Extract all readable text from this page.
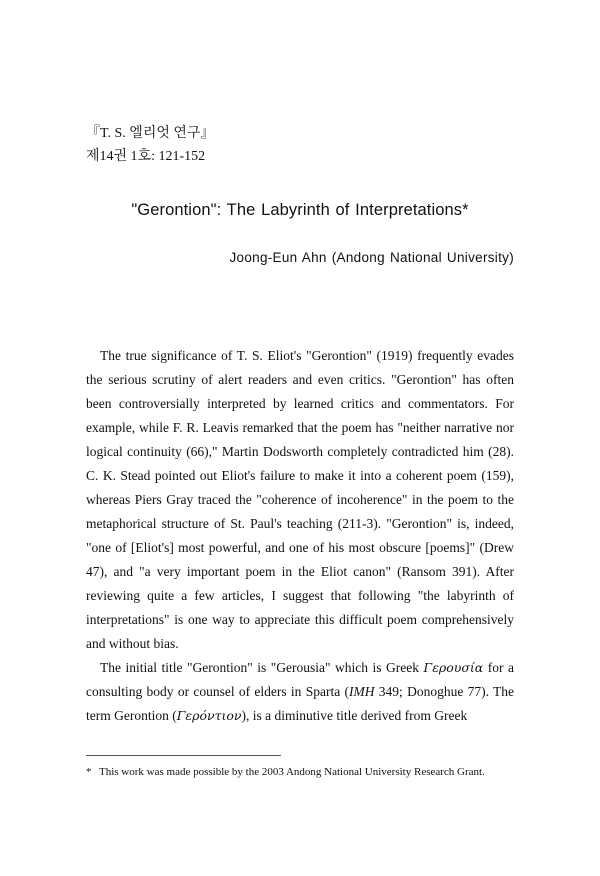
『T. S. 엘리엇 연구』
제14권 1호: 121-152
"Gerontion": The Labyrinth of Interpretations*
Joong-Eun Ahn (Andong National University)

The true significance of T. S. Eliot's "Gerontion" (1919) frequently evades the serious scrutiny of alert readers and even critics. "Gerontion" has often been controversially interpreted by learned critics and commentators. For example, while F. R. Leavis remarked that the poem has "neither narrative nor logical continuity (66)," Martin Dodsworth completely contradicted him (28). C. K. Stead pointed out Eliot's failure to make it into a coherent poem (159), whereas Piers Gray traced the "coherence of incoherence" in the poem to the metaphorical structure of St. Paul's teaching (211-3). "Gerontion" is, indeed, "one of [Eliot's] most powerful, and one of his most obscure [poems]" (Drew 47), and "a very important poem in the Eliot canon" (Ransom 391). After reviewing quite a few articles, I suggest that following "the labyrinth of interpretations" is one way to appreciate this difficult poem comprehensively and without bias.

The initial title "Gerontion" is "Gerousia" which is Greek Γερουσία for a consulting body or counsel of elders in Sparta (IMH 349; Donoghue 77). The term Gerontion (Γερόντιον), is a diminutive title derived from Greek

* This work was made possible by the 2003 Andong National University Research Grant.
